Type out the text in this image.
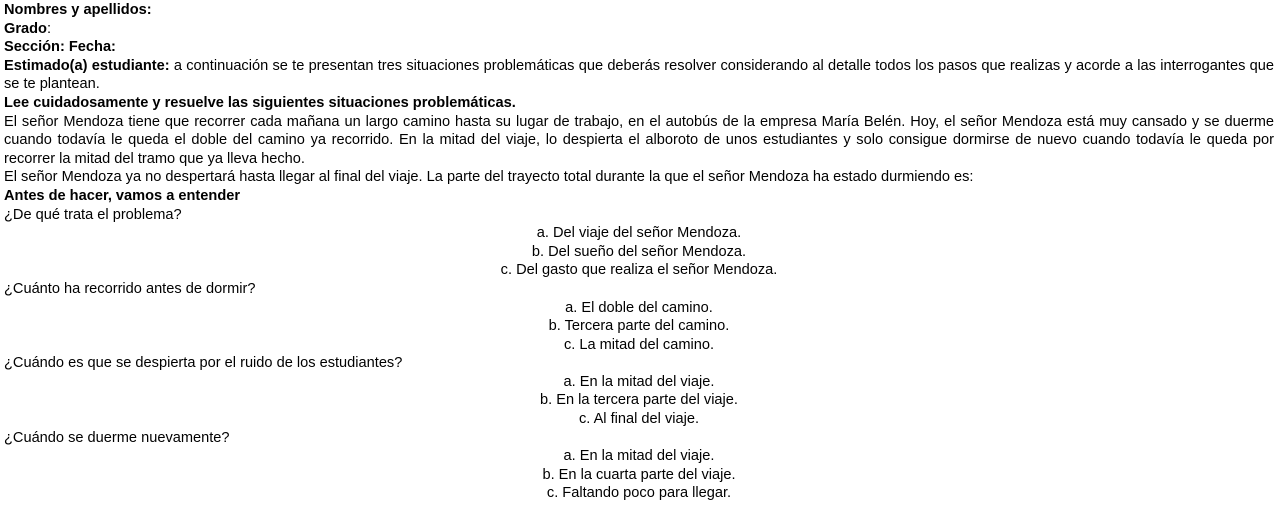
Nombres y apellidos:

Grado:

Sección: Fecha:

Estimado(a) estudiante: a continuación se te presentan tres situaciones problemáticas que deberás resolver considerando al detalle todos los pasos que realizas y acorde a las interrogantes que se te plantean.

Lee cuidadosamente y resuelve las siguientes situaciones problemáticas.

El señor Mendoza tiene que recorrer cada mañana un largo camino hasta su lugar de trabajo, en el autobús de la empresa María Belén. Hoy, el señor Mendoza está muy cansado y se duerme cuando todavía le queda el doble del camino ya recorrido. En la mitad del viaje, lo despierta el alboroto de unos estudiantes y solo consigue dormirse de nuevo cuando todavía le queda por recorrer la mitad del tramo que ya lleva hecho.

El señor Mendoza ya no despertará hasta llegar al final del viaje. La parte del trayecto total durante la que el señor Mendoza ha estado durmiendo es:

Antes de hacer, vamos a entender

¿De qué trata el problema?

a. Del viaje del señor Mendoza.

b. Del sueño del señor Mendoza.

c. Del gasto que realiza el señor Mendoza.

¿Cuánto ha recorrido antes de dormir?

a. El doble del camino.

b. Tercera parte del camino.

c. La mitad del camino.

¿Cuándo es que se despierta por el ruido de los estudiantes?

a. En la mitad del viaje.

b. En la tercera parte del viaje.

c. Al final del viaje.

¿Cuándo se duerme nuevamente?

a. En la mitad del viaje.

b. En la cuarta parte del viaje.

c. Faltando poco para llegar.
